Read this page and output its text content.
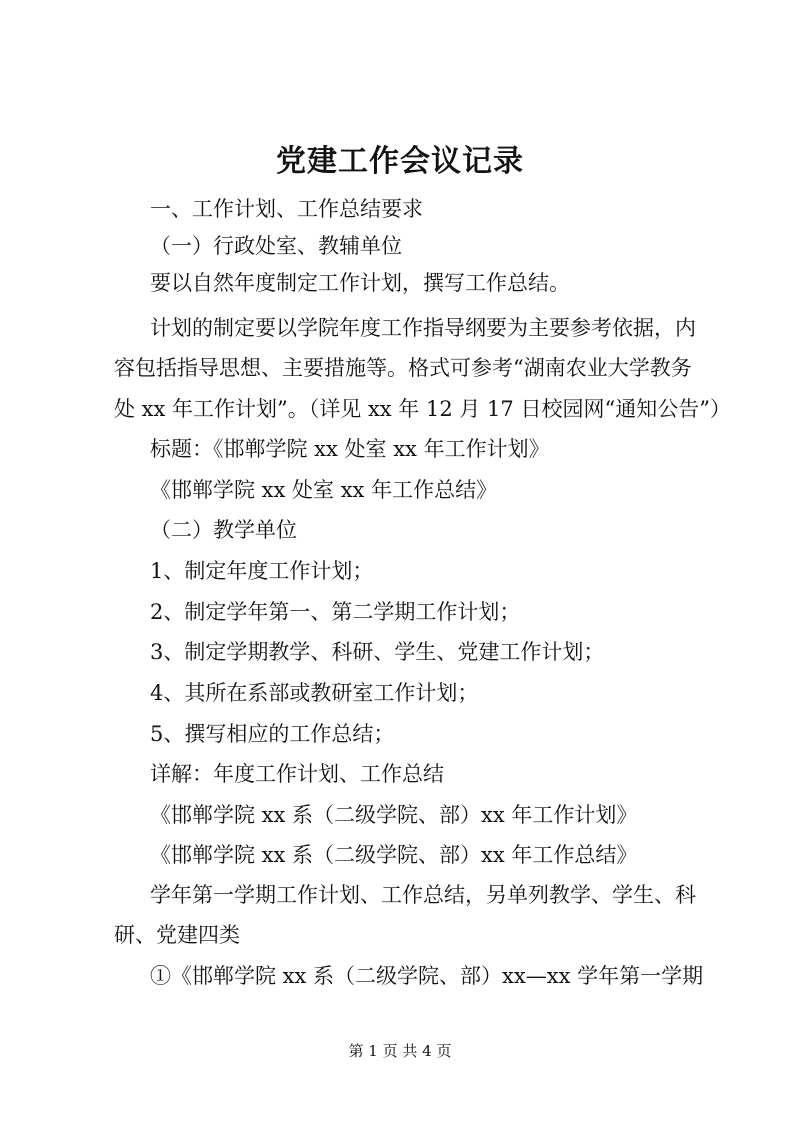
党建工作会议记录
一、工作计划、工作总结要求
（一）行政处室、教辅单位
要以自然年度制定工作计划，撰写工作总结。
计划的制定要以学院年度工作指导纲要为主要参考依据，内
容包括指导思想、主要措施等。格式可参考“湖南农业大学教务
处 xx 年工作计划”。（详见 xx 年 12 月 17 日校园网“通知公告”）
标题：《邯郸学院 xx 处室 xx 年工作计划》
《邯郸学院 xx 处室 xx 年工作总结》
（二）教学单位
1、制定年度工作计划；
2、制定学年第一、第二学期工作计划；
3、制定学期教学、科研、学生、党建工作计划；
4、其所在系部或教研室工作计划；
5、撰写相应的工作总结；
详解：年度工作计划、工作总结
《邯郸学院 xx 系（二级学院、部）xx 年工作计划》
《邯郸学院 xx 系（二级学院、部）xx 年工作总结》
学年第一学期工作计划、工作总结，另单列教学、学生、科
研、党建四类
①《邯郸学院 xx 系（二级学院、部）xx—xx 学年第一学期
第 1 页 共 4 页
